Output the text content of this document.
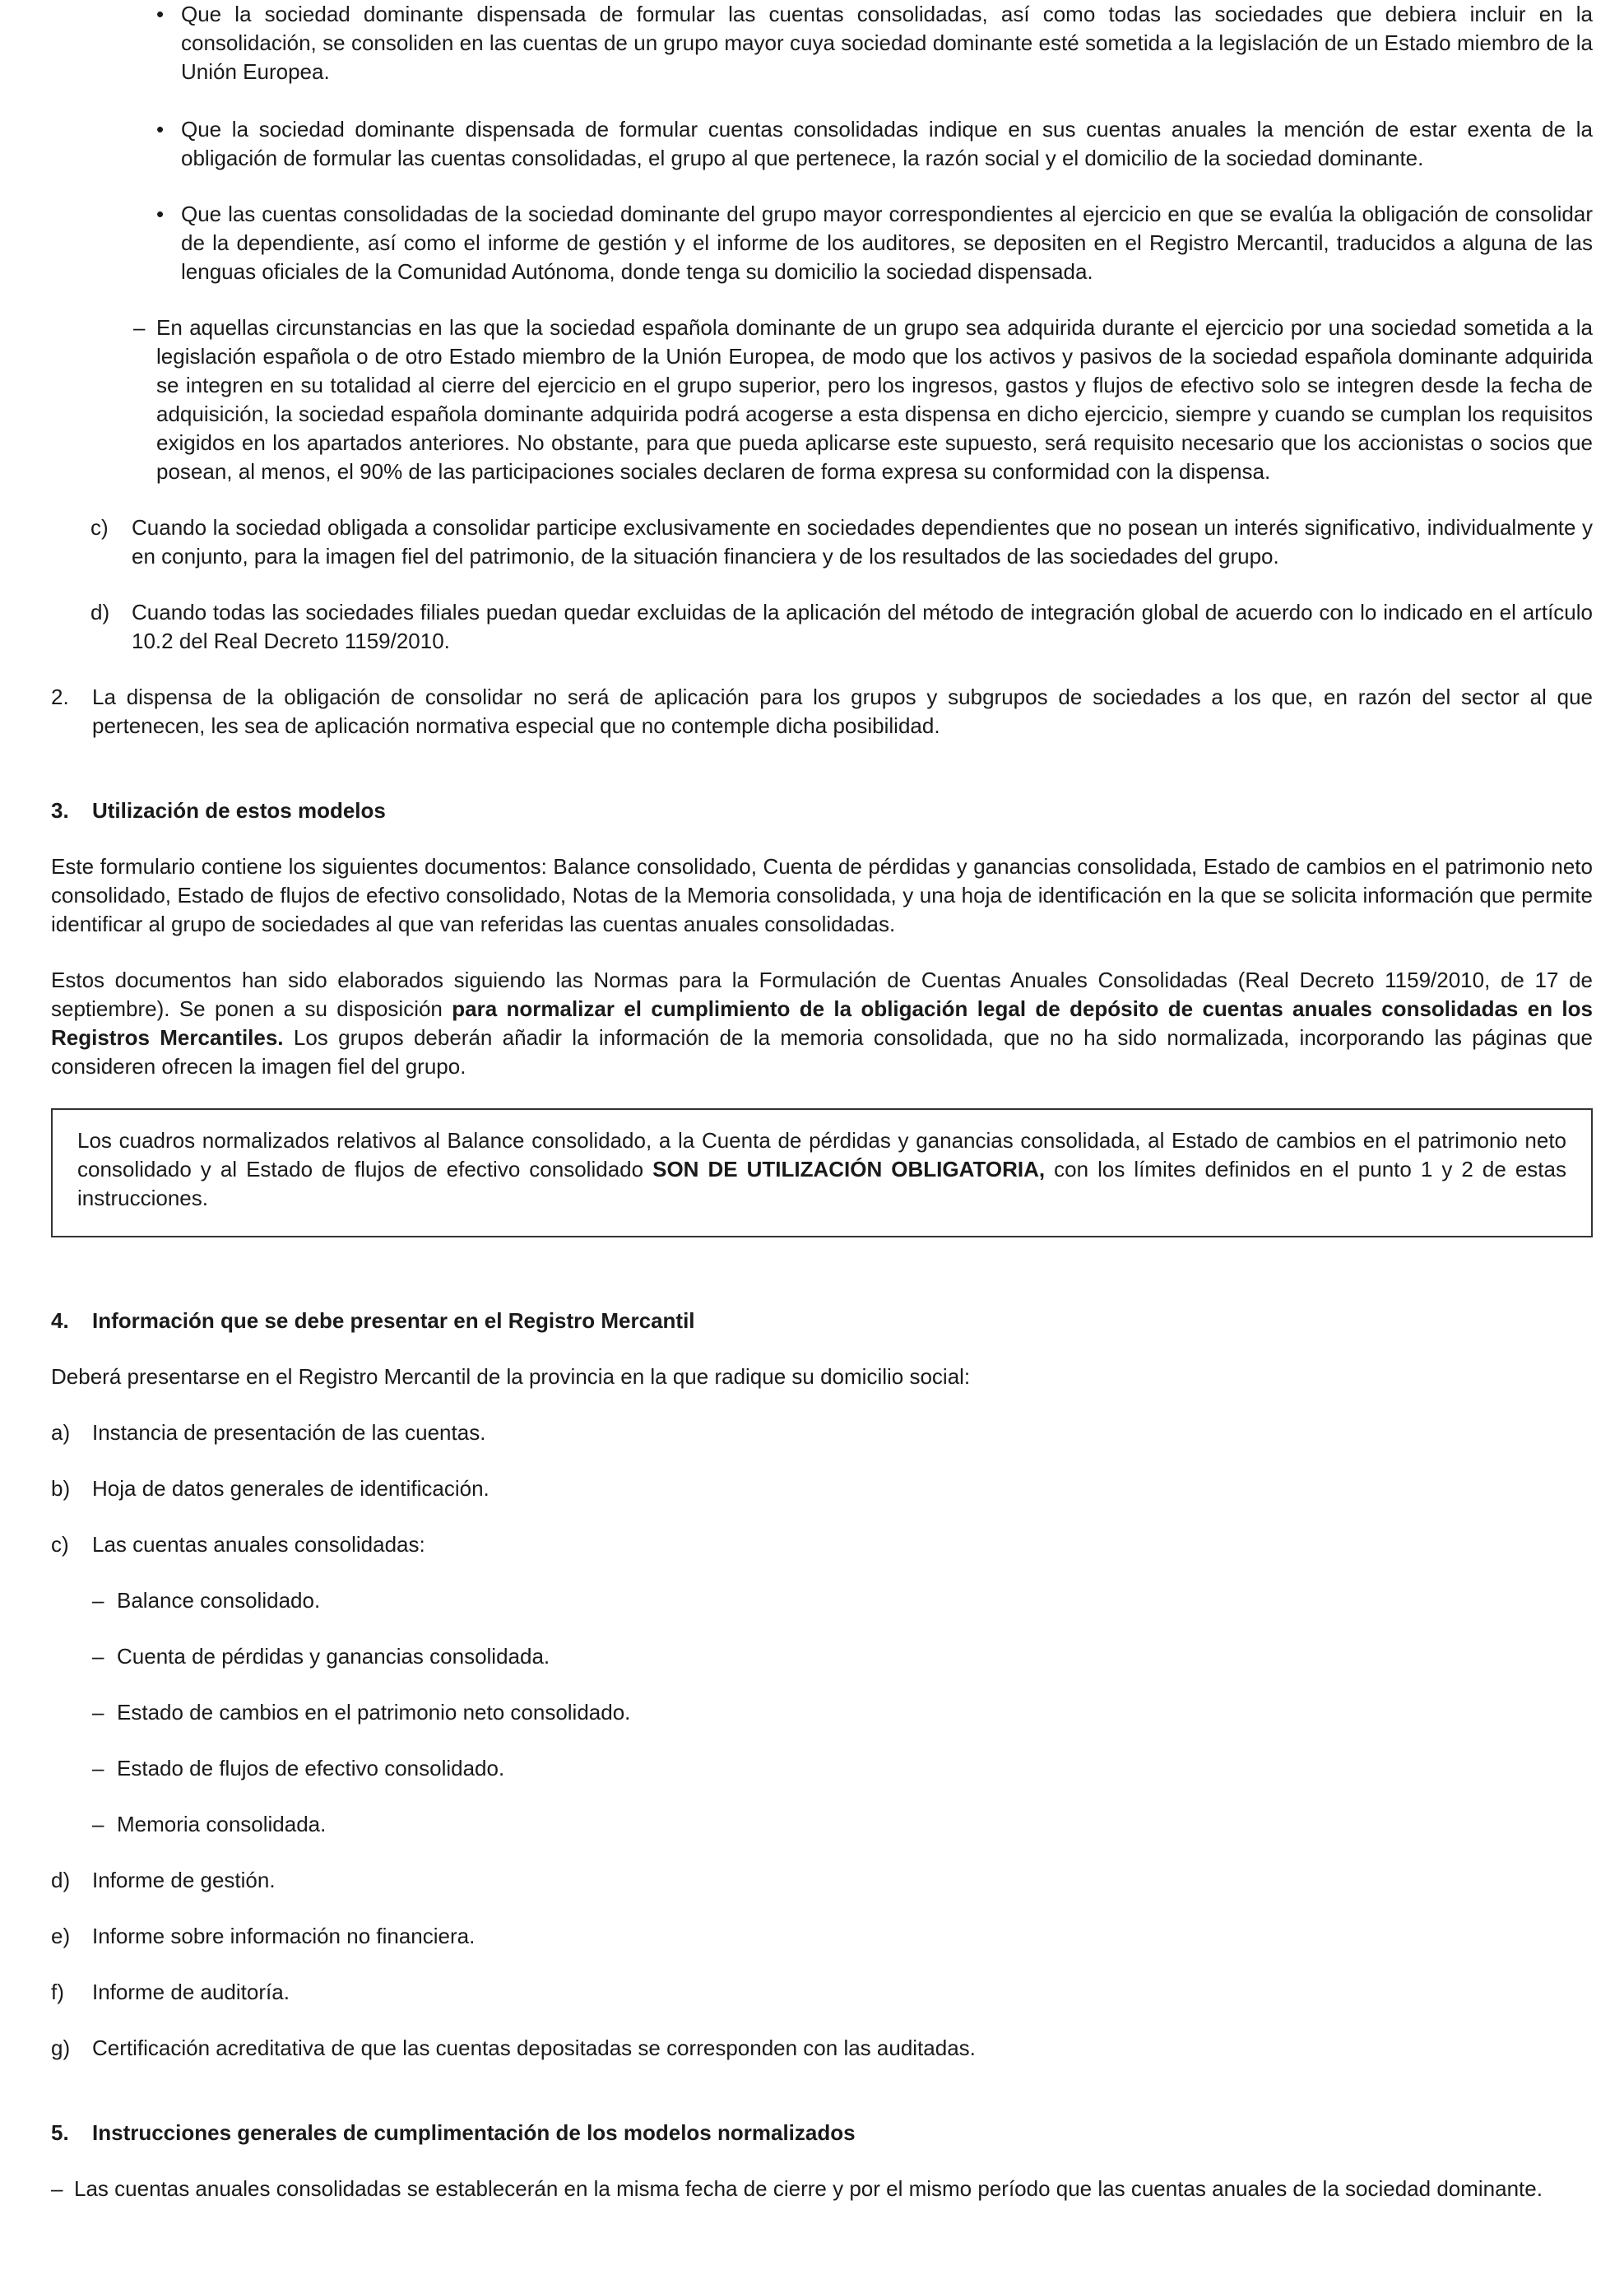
• Que la sociedad dominante dispensada de formular las cuentas consolidadas, así como todas las sociedades que debiera incluir en la consolidación, se consoliden en las cuentas de un grupo mayor cuya sociedad dominante esté sometida a la legislación de un Estado miembro de la Unión Europea.
• Que la sociedad dominante dispensada de formular cuentas consolidadas indique en sus cuentas anuales la mención de estar exenta de la obligación de formular las cuentas consolidadas, el grupo al que pertenece, la razón social y el domicilio de la sociedad dominante.
• Que las cuentas consolidadas de la sociedad dominante del grupo mayor correspondientes al ejercicio en que se evalúa la obligación de consolidar de la dependiente, así como el informe de gestión y el informe de los auditores, se depositen en el Registro Mercantil, traducidos a alguna de las lenguas oficiales de la Comunidad Autónoma, donde tenga su domicilio la sociedad dispensada.
– En aquellas circunstancias en las que la sociedad española dominante de un grupo sea adquirida durante el ejercicio por una sociedad sometida a la legislación española o de otro Estado miembro de la Unión Europea, de modo que los activos y pasivos de la sociedad española dominante adquirida se integren en su totalidad al cierre del ejercicio en el grupo superior, pero los ingresos, gastos y flujos de efectivo solo se integren desde la fecha de adquisición, la sociedad española dominante adquirida podrá acogerse a esta dispensa en dicho ejercicio, siempre y cuando se cumplan los requisitos exigidos en los apartados anteriores. No obstante, para que pueda aplicarse este supuesto, será requisito necesario que los accionistas o socios que posean, al menos, el 90% de las participaciones sociales declaren de forma expresa su conformidad con la dispensa.
c) Cuando la sociedad obligada a consolidar participe exclusivamente en sociedades dependientes que no posean un interés significativo, individualmente y en conjunto, para la imagen fiel del patrimonio, de la situación financiera y de los resultados de las sociedades del grupo.
d) Cuando todas las sociedades filiales puedan quedar excluidas de la aplicación del método de integración global de acuerdo con lo indicado en el artículo 10.2 del Real Decreto 1159/2010.
2. La dispensa de la obligación de consolidar no será de aplicación para los grupos y subgrupos de sociedades a los que, en razón del sector al que pertenecen, les sea de aplicación normativa especial que no contemple dicha posibilidad.
3. Utilización de estos modelos

Este formulario contiene los siguientes documentos: Balance consolidado, Cuenta de pérdidas y ganancias consolidada, Estado de cambios en el patrimonio neto consolidado, Estado de flujos de efectivo consolidado, Notas de la Memoria consolidada, y una hoja de identificación en la que se solicita información que permite identificar al grupo de sociedades al que van referidas las cuentas anuales consolidadas.

Estos documentos han sido elaborados siguiendo las Normas para la Formulación de Cuentas Anuales Consolidadas (Real Decreto 1159/2010, de 17 de septiembre). Se ponen a su disposición para normalizar el cumplimiento de la obligación legal de depósito de cuentas anuales consolidadas en los Registros Mercantiles. Los grupos deberán añadir la información de la memoria consolidada, que no ha sido normalizada, incorporando las páginas que consideren ofrecen la imagen fiel del grupo.

Los cuadros normalizados relativos al Balance consolidado, a la Cuenta de pérdidas y ganancias consolidada, al Estado de cambios en el patrimonio neto consolidado y al Estado de flujos de efectivo consolidado SON DE UTILIZACIÓN OBLIGATORIA, con los límites definidos en el punto 1 y 2 de estas instrucciones.
4. Información que se debe presentar en el Registro Mercantil

Deberá presentarse en el Registro Mercantil de la provincia en la que radique su domicilio social:

a) Instancia de presentación de las cuentas.
b) Hoja de datos generales de identificación.
c) Las cuentas anuales consolidadas:
– Balance consolidado.
– Cuenta de pérdidas y ganancias consolidada.
– Estado de cambios en el patrimonio neto consolidado.
– Estado de flujos de efectivo consolidado.
– Memoria consolidada.
d) Informe de gestión.
e) Informe sobre información no financiera.
f) Informe de auditoría.
g) Certificación acreditativa de que las cuentas depositadas se corresponden con las auditadas.
5. Instrucciones generales de cumplimentación de los modelos normalizados
– Las cuentas anuales consolidadas se establecerán en la misma fecha de cierre y por el mismo período que las cuentas anuales de la sociedad dominante.
